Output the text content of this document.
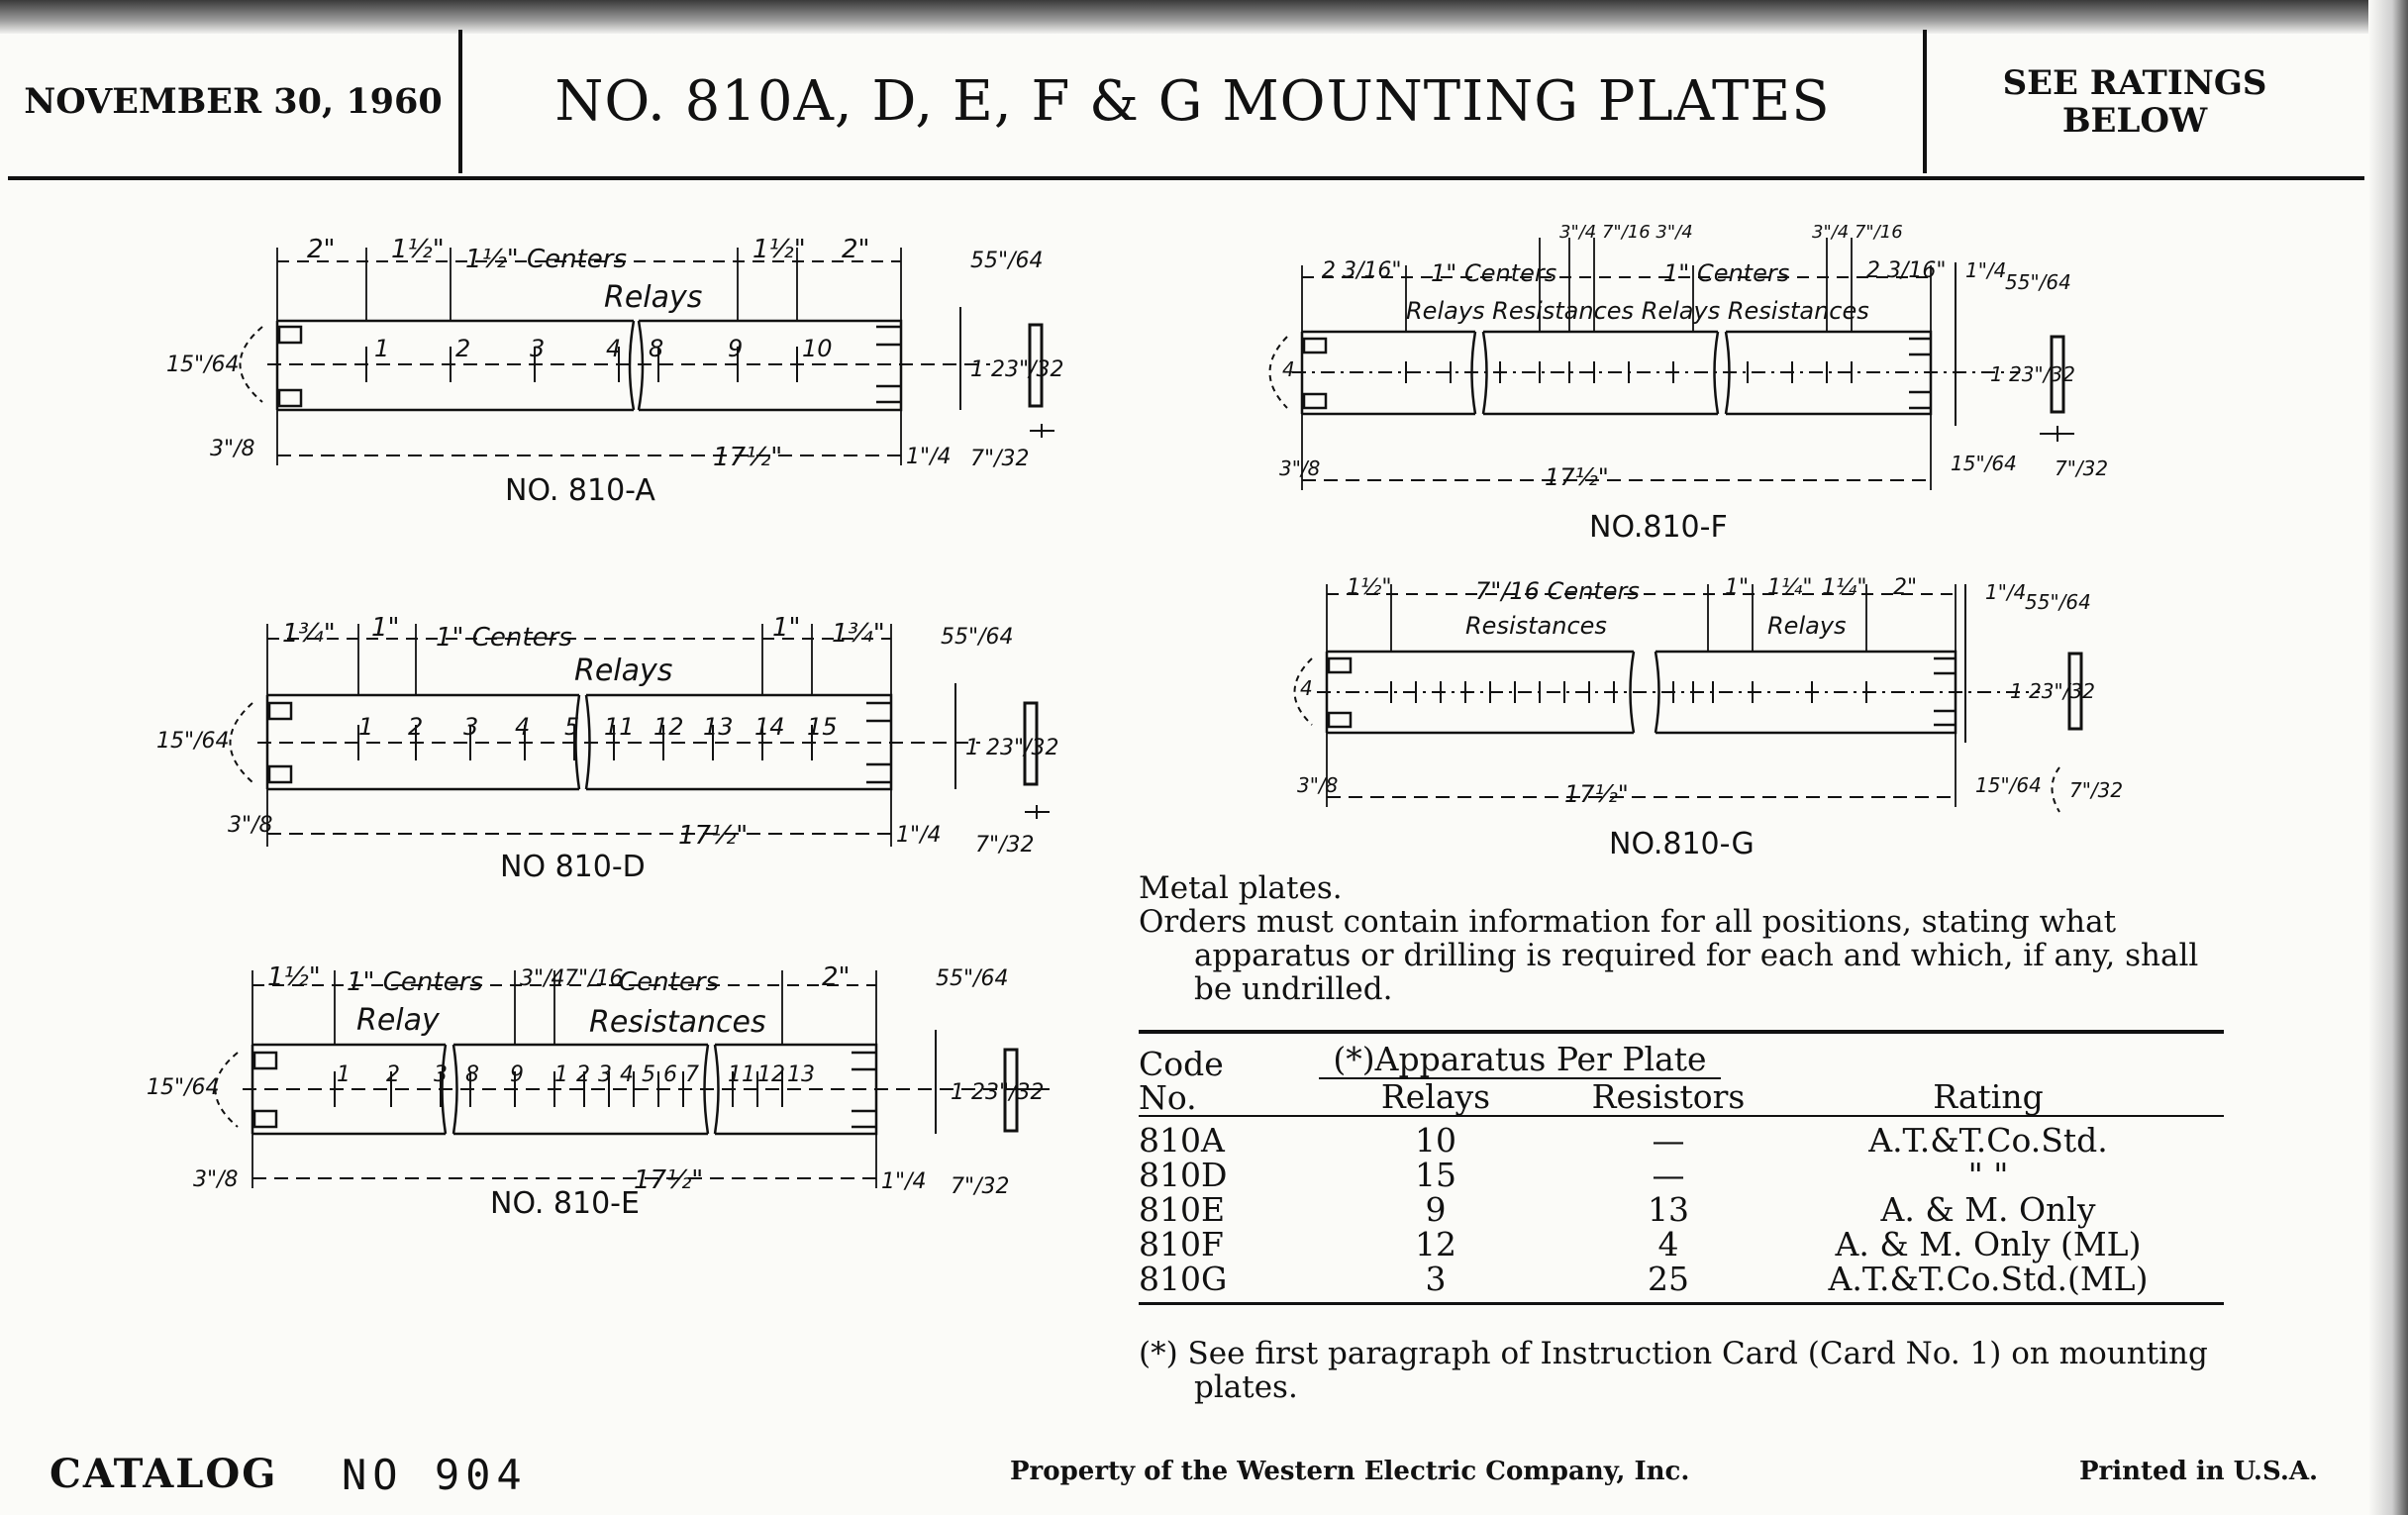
NOVEMBER 30, 1960	NO. 810A, D, E, F & G MOUNTING PLATES	SEE RATINGS
BELOW
2" 1½" 1½" Centers	1½" 2"
Relays
1	2 3	4 8	9 10
17½"
15"/64
3"/8
55"/64
1 23"/32
1"/4 7"/32
NO. 810-A
1¾" 1" 1" Centers	1" 1¾"
Relays
1 2 3 4 5 11 12 13 14 15
17½"
15"/64
3"/8
55"/64
1 23"/32
1"/4 7"/32
NO 810-D
1½" 1" Centers
Relay
3"/4 7"/16
Centers
Resistances
2"
1 2 3 8 9 1 2 3 4 5 6 7 11 12 13
17½"
15"/64
3"/8
55"/64
1 23"/32
1"/4 7"/32
NO. 810-E
2 3/16" 1" Centers
3"/4 7"/16 3"/4
1" Centers
3"/4 7"/16
2 3/16"
Relays Resistances Relays Resistances
17½"
4
3"/8
1"/4
55"/64
1 23"/32
15"/64 7"/32
NO.810-F
1½"	7"/16 Centers
Resistances
1" 1¼" 1¼" 2"
Relays
17½"
4
3"/8
1"/4
55"/64
1 23"/32
15"/64 7"/32
NO.810-G

Metal plates.

Orders must contain information for all positions, stating what apparatus or drilling is required for each and which, if any, shall be undrilled.

Code
No.	(*)Apparatus Per Plate		Rating
	Relays	Resistors	
810A	10	—	A.T.&T.Co.Std.
810D	15	—	" "
810E	9	13	A. & M. Only
810F	12	4	A. & M. Only (ML)
810G	3	25	A.T.&T.Co.Std.(ML)
(*) See first paragraph of Instruction Card (Card No. 1) on mounting plates.
CATALOG NO 904	Property of the Western Electric Company, Inc.	Printed in U.S.A.
